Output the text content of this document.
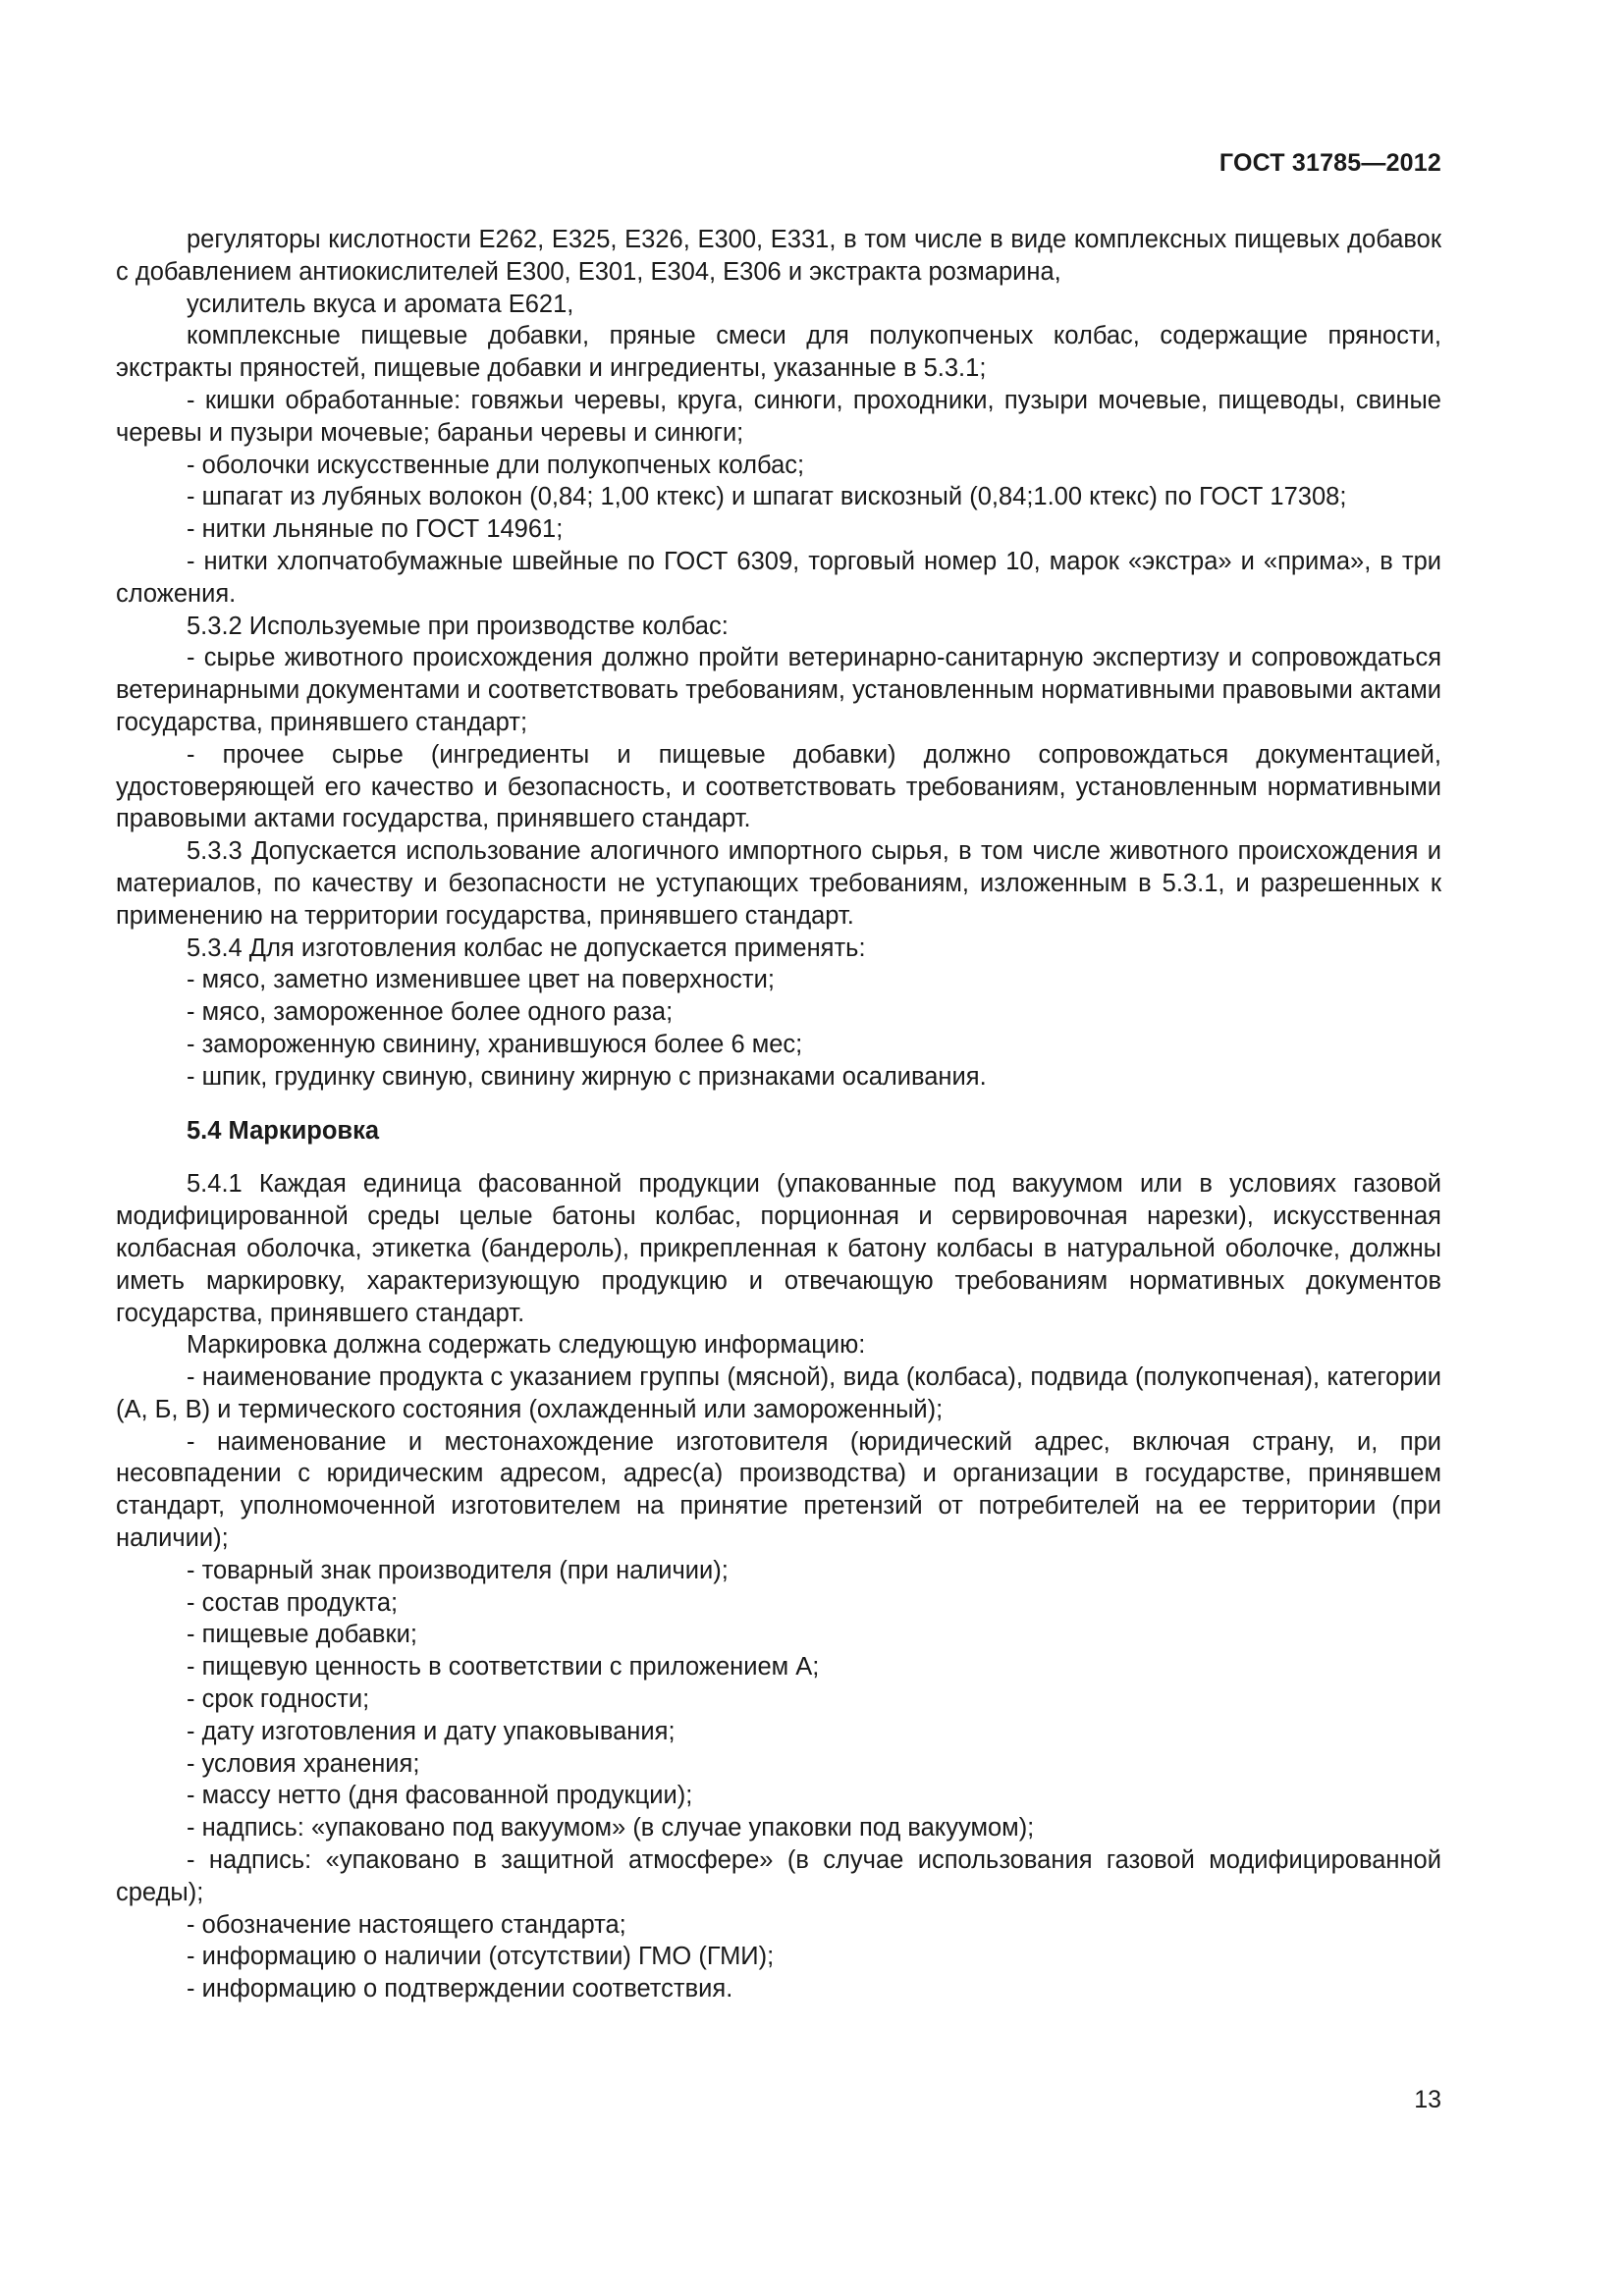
ГОСТ 31785—2012

регуляторы кислотности Е262, Е325, Е326, Е300, Е331, в том числе в виде комплексных пищевых добавок с добавлением антиокислителей Е300, Е301, Е304, Е306 и экстракта розмарина,

усилитель вкуса и аромата Е621,

комплексные пищевые добавки, пряные смеси для полукопченых колбас, содержащие пряности, экстракты пряностей, пищевые добавки и ингредиенты, указанные в 5.3.1;

- кишки обработанные: говяжьи черевы, круга, синюги, проходники, пузыри мочевые, пищеводы, свиные черевы и пузыри мочевые; бараньи черевы и синюги;

- оболочки искусственные дли полукопченых колбас;

- шпагат из лубяных волокон (0,84; 1,00 ктекс) и шпагат вискозный (0,84;1.00 ктекс) по ГОСТ 17308;

- нитки льняные по ГОСТ 14961;

- нитки хлопчатобумажные швейные по ГОСТ 6309, торговый номер 10, марок «экстра» и «прима», в три сложения.

5.3.2 Используемые при производстве колбас:

- сырье животного происхождения должно пройти ветеринарно-санитарную экспертизу и сопровождаться ветеринарными документами и соответствовать требованиям, установленным нормативными правовыми актами государства, принявшего стандарт;

- прочее сырье (ингредиенты и пищевые добавки) должно сопровождаться документацией, удостоверяющей его качество и безопасность, и соответствовать требованиям, установленным нормативными правовыми актами государства, принявшего стандарт.

5.3.3 Допускается использование алогичного импортного сырья, в том числе животного происхождения и материалов, по качеству и безопасности не уступающих требованиям, изложенным в 5.3.1, и разрешенных к применению на территории государства, принявшего стандарт.

5.3.4 Для изготовления колбас не допускается применять:

- мясо, заметно изменившее цвет на поверхности;

- мясо, замороженное более одного раза;

- замороженную свинину, хранившуюся более 6 мес;

- шпик, грудинку свиную, свинину жирную с признаками осаливания.

5.4 Маркировка

5.4.1 Каждая единица фасованной продукции (упакованные под вакуумом или в условиях газовой модифицированной среды целые батоны колбас, порционная и сервировочная нарезки), искусственная колбасная оболочка, этикетка (бандероль), прикрепленная к батону колбасы в натуральной оболочке, должны иметь маркировку, характеризующую продукцию и отвечающую требованиям нормативных документов государства, принявшего стандарт.

Маркировка должна содержать следующую информацию:

- наименование продукта с указанием группы (мясной), вида (колбаса), подвида (полукопченая), категории (А, Б, В) и термического состояния (охлажденный или замороженный);

- наименование и местонахождение изготовителя (юридический адрес, включая страну, и, при несовпадении с юридическим адресом, адрес(а) производства) и организации в государстве, принявшем стандарт, уполномоченной изготовителем на принятие претензий от потребителей на ее территории (при наличии);

- товарный знак производителя (при наличии);

- состав продукта;

- пищевые добавки;

- пищевую ценность в соответствии с приложением А;

- срок годности;

- дату изготовления и дату упаковывания;

- условия хранения;

- массу нетто (дня фасованной продукции);

- надпись: «упаковано под вакуумом» (в случае упаковки под вакуумом);

- надпись: «упаковано в защитной атмосфере» (в случае использования газовой модифицированной среды);

- обозначение настоящего стандарта;

- информацию о наличии (отсутствии) ГМО (ГМИ);

- информацию о подтверждении соответствия.

13
